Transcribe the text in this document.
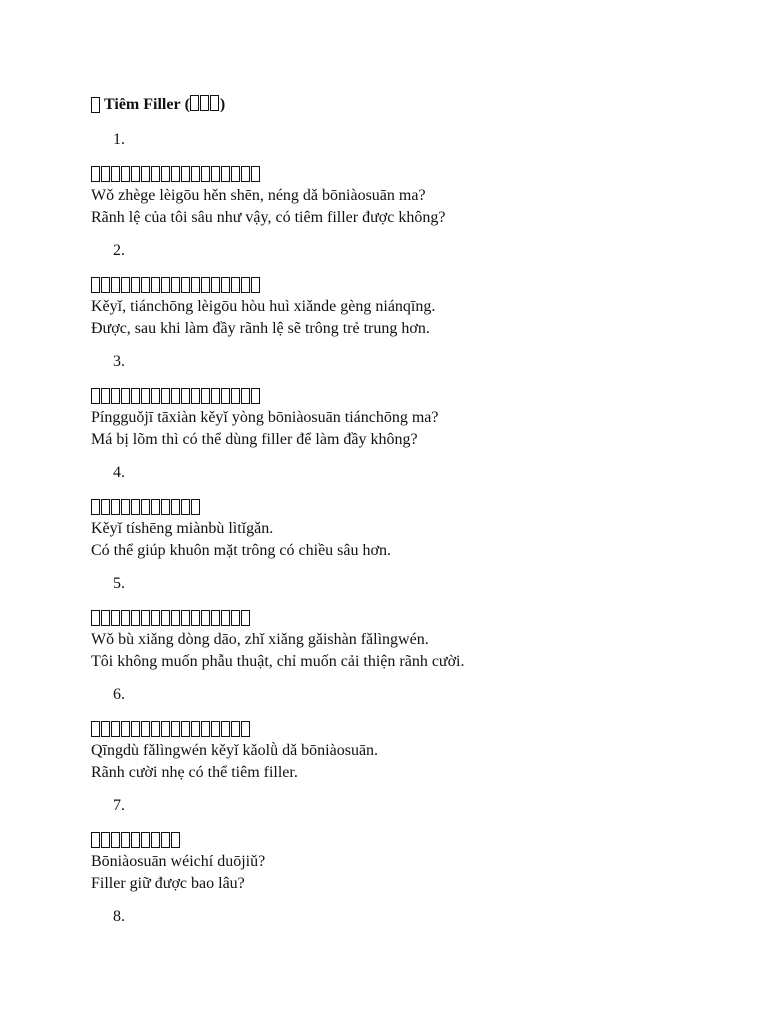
Tiêm Filler ( )
1.
Wǒ zhège lèigōu hěn shēn, néng dǎ bōniàosuān ma?
Rãnh lệ của tôi sâu như vậy, có tiêm filler được không?
2.
Kěyǐ, tiánchōng lèigōu hòu huì xiǎnde gèng niánqīng.
Được, sau khi làm đầy rãnh lệ sẽ trông trẻ trung hơn.
3.
Píngguǒjī tāxiàn kěyǐ yòng bōniàosuān tiánchōng ma?
Má bị lõm thì có thể dùng filler để làm đầy không?
4.
Kěyǐ tíshēng miànbù lìtǐgǎn.
Có thể giúp khuôn mặt trông có chiều sâu hơn.
5.
Wǒ bù xiǎng dòng dāo, zhǐ xiǎng gǎishàn fǎlìngwén.
Tôi không muốn phẫu thuật, chỉ muốn cải thiện rãnh cười.
6.
Qīngdù fǎlìngwén kěyǐ kǎolǜ dǎ bōniàosuān.
Rãnh cười nhẹ có thể tiêm filler.
7.
Bōniàosuān wéichí duōjiǔ?
Filler giữ được bao lâu?
8.
